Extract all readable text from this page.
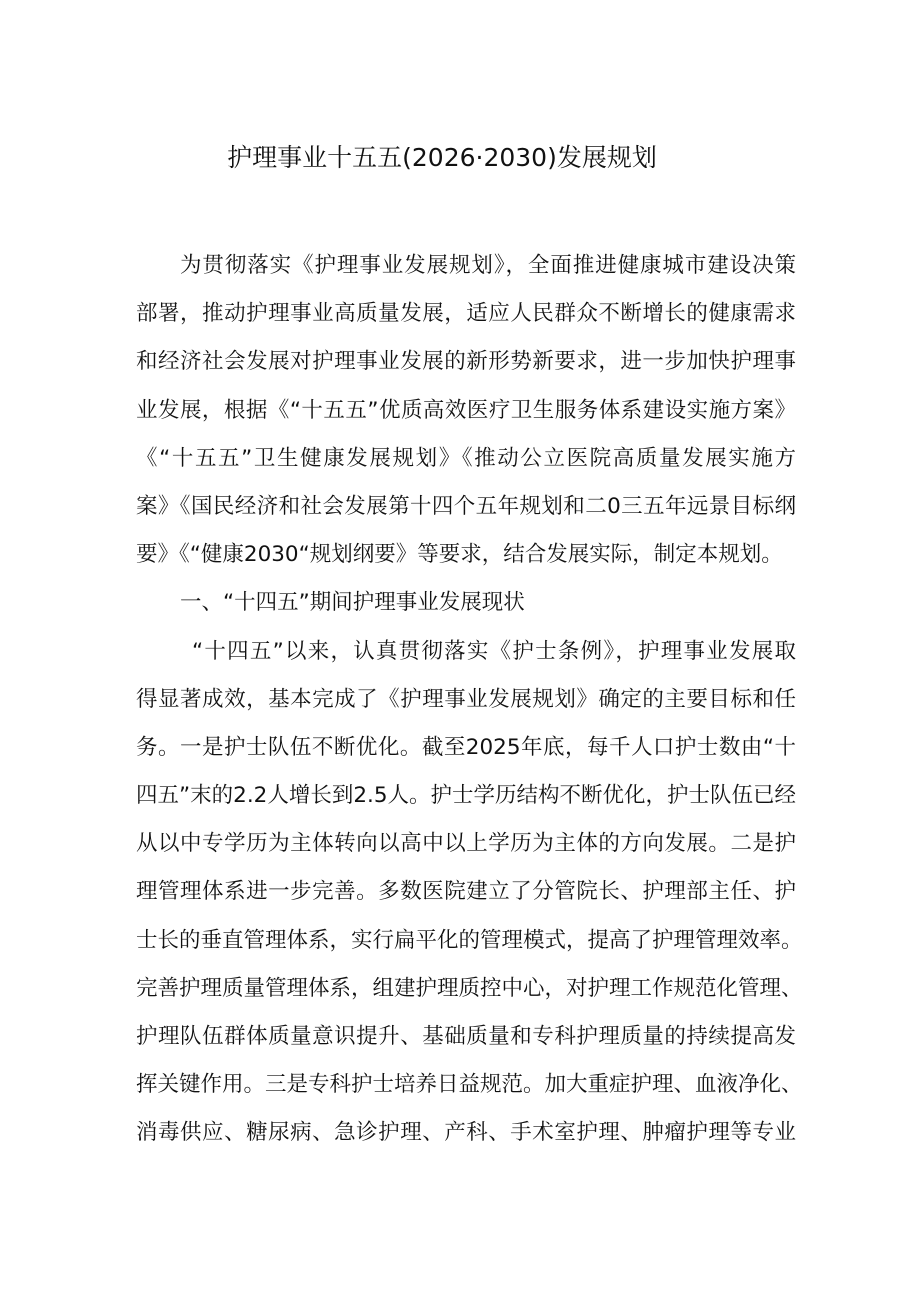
护理事业十五五(2026·2030)发展规划
为贯彻落实《护理事业发展规划》，全面推进健康城市建设决策
部署，推动护理事业高质量发展，适应人民群众不断增长的健康需求
和经济社会发展对护理事业发展的新形势新要求，进一步加快护理事
业发展，根据《“十五五”优质高效医疗卫生服务体系建设实施方案》
《“十五五”卫生健康发展规划》《推动公立医院高质量发展实施方
案》《国民经济和社会发展第十四个五年规划和二0三五年远景目标纲
要》《“健康2030“规划纲要》等要求，结合发展实际，制定本规划。
一、“十四五”期间护理事业发展现状
“十四五”以来，认真贯彻落实《护士条例》，护理事业发展取
得显著成效，基本完成了《护理事业发展规划》确定的主要目标和任
务。一是护士队伍不断优化。截至2025年底，每千人口护士数由“十
四五”末的2.2人增长到2.5人。护士学历结构不断优化，护士队伍已经
从以中专学历为主体转向以高中以上学历为主体的方向发展。二是护
理管理体系进一步完善。多数医院建立了分管院长、护理部主任、护
士长的垂直管理体系，实行扁平化的管理模式，提高了护理管理效率。
完善护理质量管理体系，组建护理质控中心，对护理工作规范化管理、
护理队伍群体质量意识提升、基础质量和专科护理质量的持续提高发
挥关键作用。三是专科护士培养日益规范。加大重症护理、血液净化、
消毒供应、糖尿病、急诊护理、产科、手术室护理、肿瘤护理等专业
